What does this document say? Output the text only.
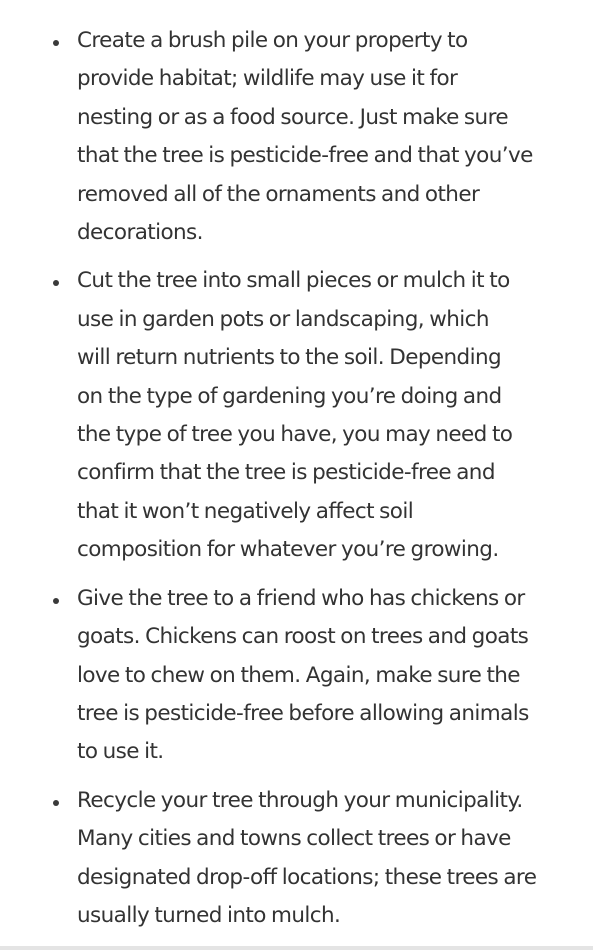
Create a brush pile on your property to
provide habitat; wildlife may use it for
nesting or as a food source. Just make sure
that the tree is pesticide-free and that you’ve
removed all of the ornaments and other
decorations.
Cut the tree into small pieces or mulch it to
use in garden pots or landscaping, which
will return nutrients to the soil. Depending
on the type of gardening you’re doing and
the type of tree you have, you may need to
confirm that the tree is pesticide-free and
that it won’t negatively affect soil
composition for whatever you’re growing.
Give the tree to a friend who has chickens or
goats. Chickens can roost on trees and goats
love to chew on them. Again, make sure the
tree is pesticide-free before allowing animals
to use it.
Recycle your tree through your municipality.
Many cities and towns collect trees or have
designated drop-off locations; these trees are
usually turned into mulch.
